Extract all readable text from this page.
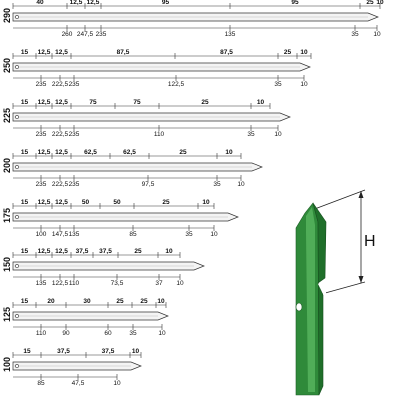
290
40	12,5 12,5	95	95	25 10
260 247,5 235	135	35 10
250
15 12,5 12,5	87,5	87,5	25 10
235 222,5 235	122,5	35	10
225
15 12,5 12,5	75	75	25	10
235 222,5 235	110	35	10
200
15 12,5 12,5	62,5	62,5	25	10
235 222,5 235	97,5	35	10
175
15 12,5 12,5 50	50	25	10
100 147,5 135	85	35	10
150
15 12,5 12,5 37,5 37,5	25	10
135 122,5 110	73,5	37 10
125
15	20	30	25	25 10
110 90	60	35	10
100
15	37,5	37,5	10
85	47,5	10
H
